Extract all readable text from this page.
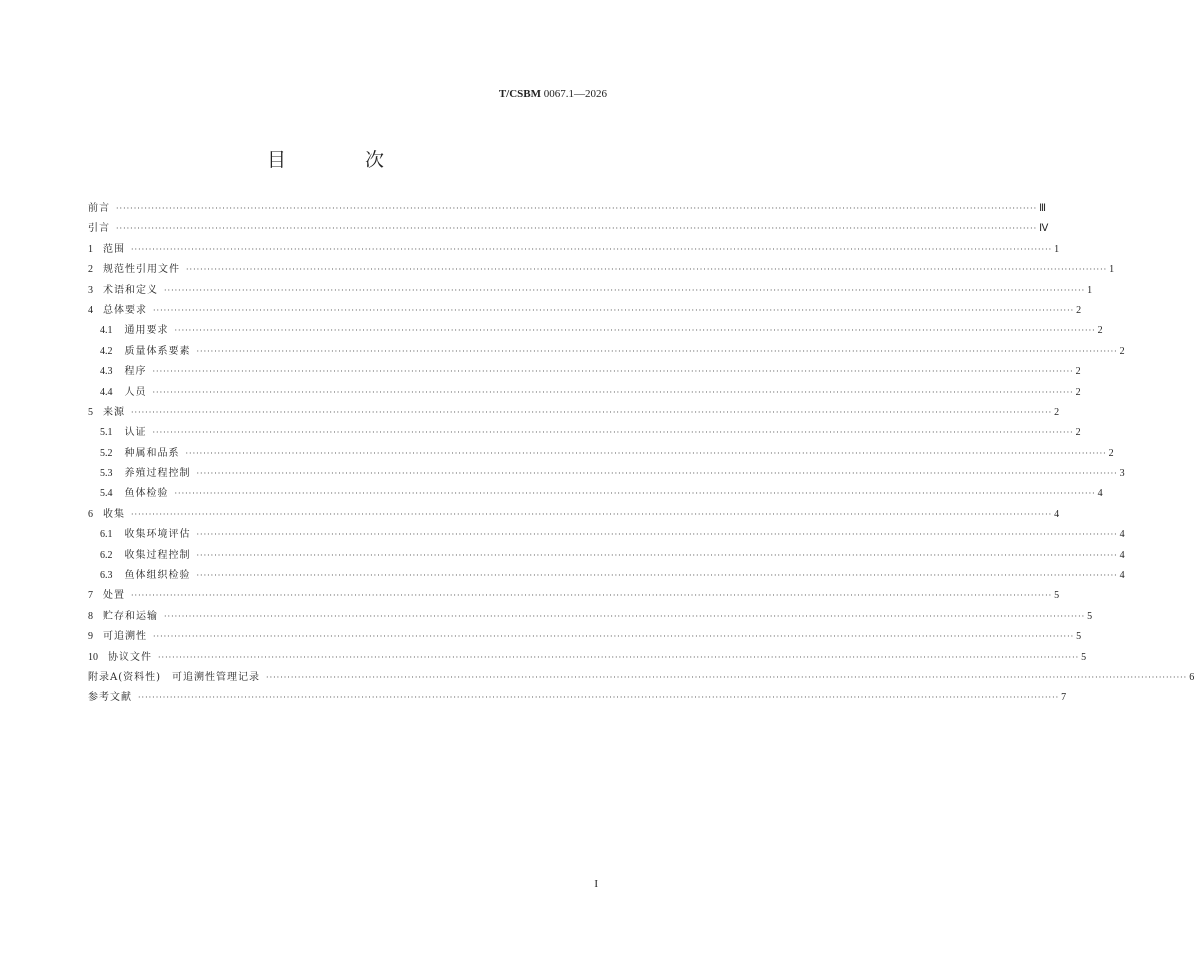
T/CSBM 0067.1—2026
目　次
前言 ···································································································································································································································································· Ⅲ
引言 ···································································································································································································································································· Ⅳ
1 范围 ···································································································································································································································································· 1
2 规范性引用文件 ···································································································································································································································································· 1
3 术语和定义 ···································································································································································································································································· 1
4 总体要求 ···································································································································································································································································· 2
4.1 通用要求 ···································································································································································································································································· 2
4.2 质量体系要素 ···································································································································································································································································· 2
4.3 程序 ···································································································································································································································································· 2
4.4 人员 ···································································································································································································································································· 2
5 来源 ···································································································································································································································································· 2
5.1 认证 ···································································································································································································································································· 2
5.2 种属和品系 ···································································································································································································································································· 2
5.3 养殖过程控制 ···································································································································································································································································· 3
5.4 鱼体检验 ···································································································································································································································································· 4
6 收集 ···································································································································································································································································· 4
6.1 收集环境评估 ···································································································································································································································································· 4
6.2 收集过程控制 ···································································································································································································································································· 4
6.3 鱼体组织检验 ···································································································································································································································································· 4
7 处置 ···································································································································································································································································· 5
8 贮存和运输 ···································································································································································································································································· 5
9 可追溯性 ···································································································································································································································································· 5
10 协议文件 ···································································································································································································································································· 5
附录A(资料性)　可追溯性管理记录 ···································································································································································································································································· 6
参考文献 ···································································································································································································································································· 7
I
